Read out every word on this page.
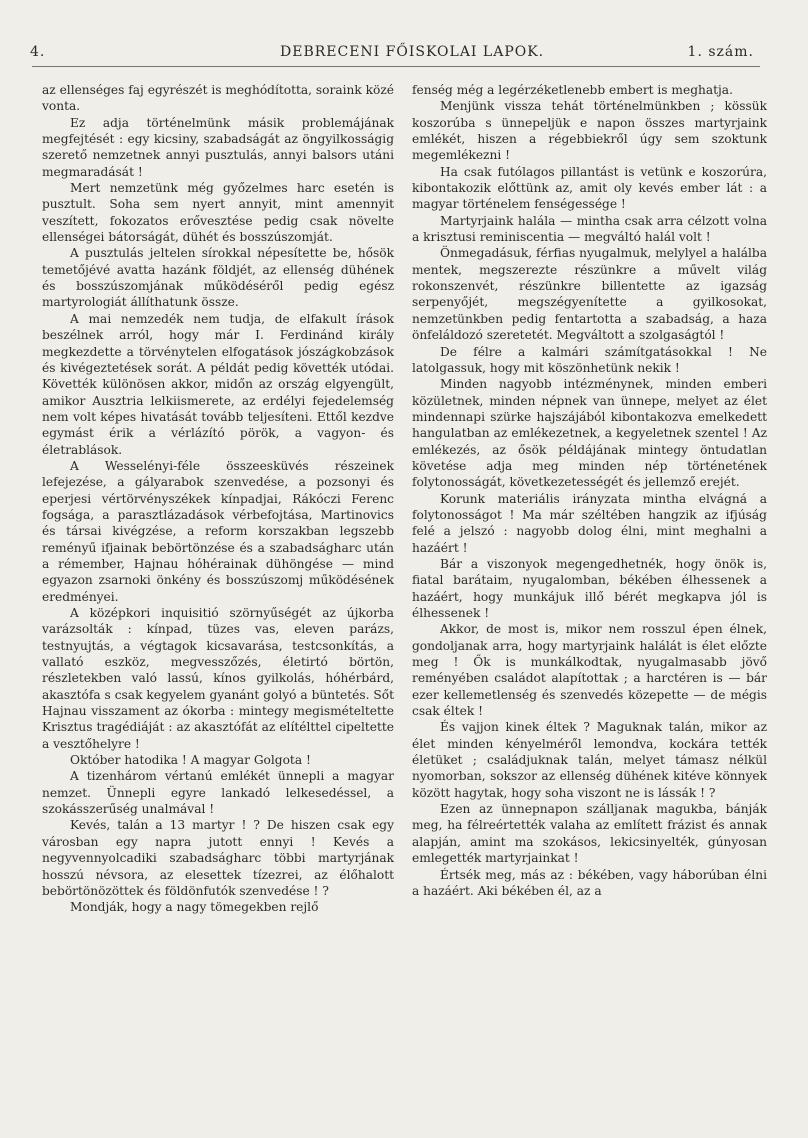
4.	DEBRECENI FŐISKOLAI LAPOK.	1. szám.

az ellenséges faj egyrészét is meghódította, soraink közé vonta.

Ez adja történelmünk másik problemájának megfejtését : egy kicsiny, szabadságát az öngyilkosságig szerető nemzetnek annyi pusztulás, annyi balsors utáni megmaradását !

Mert nemzetünk még győzelmes harc esetén is pusztult. Soha sem nyert annyit, mint amennyit veszített, fokozatos erővesztése pedig csak növelte ellenségei bátorságát, dühét és bosszúszomját.

A pusztulás jeltelen sírokkal népesítette be, hősök temetőjévé avatta hazánk földjét, az ellenség dühének és bosszúszomjának működéséről pedig egész martyrologiát állíthatunk össze.

A mai nemzedék nem tudja, de elfakult írások beszélnek arról, hogy már I. Ferdinánd király megkezdette a törvénytelen elfogatások jószágkobzások és kivégeztetések sorát. A példát pedig követték utódai. Követték különösen akkor, midőn az ország elgyengült, amikor Ausztria lelkiismerete, az erdélyi fejedelemség nem volt képes hivatását tovább teljesíteni. Ettől kezdve egymást érik a vérlázító pörök, a vagyon- és életrablások.

A Wesselényi-féle összeesküvés részeinek lefejezése, a gályarabok szenvedése, a pozsonyi és eperjesi vértörvényszékek kínpadjai, Rákóczi Ferenc fogsága, a parasztlázadások vérbefojtása, Martinovics és társai kivégzése, a reform korszakban legszebb reményű ifjainak bebörtönzése és a szabadságharc után a rémember, Hajnau hóhérainak dühöngése — mind egyazon zsarnoki önkény és bosszúszomj működésének eredményei.

A középkori inquisitió szörnyűségét az újkorba varázsolták : kínpad, tüzes vas, eleven parázs, testnyujtás, a végtagok kicsavarása, testcsonkítás, a vallató eszköz, megvesszőzés, életirtó börtön, részletekben való lassú, kínos gyilkolás, hóhérbárd, akasztófa s csak kegyelem gyanánt golyó a büntetés. Sőt Hajnau visszament az ókorba : mintegy megismételtette Krisztus tragédiáját : az akasztófát az elítélttel cipeltette a vesztőhelyre !

Október hatodika ! A magyar Golgota !

A tizenhárom vértanú emlékét ünnepli a magyar nemzet. Ünnepli egyre lankadó lelkesedéssel, a szokásszerűség unalmával !

Kevés, talán a 13 martyr ! ? De hiszen csak egy városban egy napra jutott ennyi ! Kevés a negyvennyolcadiki szabadságharc többi martyrjának hosszú névsora, az elesettek tízezrei, az élőhalott bebörtönözöttek és földönfutók szenvedése ! ?

Mondják, hogy a nagy tömegekben rejlő

fenség még a legérzéketlenebb embert is meghatja.

Menjünk vissza tehát történelmünkben ; kössük koszorúba s ünnepeljük e napon összes martyrjaink emlékét, hiszen a régebbiekről úgy sem szoktunk megemlékezni !

Ha csak futólagos pillantást is vetünk e koszorúra, kibontakozik előttünk az, amit oly kevés ember lát : a magyar történelem fenségessége !

Martyrjaink halála — mintha csak arra célzott volna a krisztusi reminiscentia — megváltó halál volt !

Önmegadásuk, férfias nyugalmuk, melylyel a halálba mentek, megszerezte részünkre a művelt világ rokonszenvét, részünkre billentette az igazság serpenyőjét, megszégyenítette a gyilkosokat, nemzetünkben pedig fentartotta a szabadság, a haza önfeláldozó szeretetét. Megváltott a szolgaságtól !

De félre a kalmári számítgatásokkal ! Ne latolgassuk, hogy mit köszönhetünk nekik !

Minden nagyobb intézménynek, minden emberi közületnek, minden népnek van ünnepe, melyet az élet mindennapi szürke hajszájából kibontakozva emelkedett hangulatban az emlékezetnek, a kegyeletnek szentel ! Az emlékezés, az ősök példájának mintegy öntudatlan követése adja meg minden nép történetének folytonosságát, következetességét és jellemző erejét.

Korunk materiális irányzata mintha elvágná a folytonosságot ! Ma már széltében hangzik az ifjúság felé a jelszó : nagyobb dolog élni, mint meghalni a hazáért !

Bár a viszonyok megengedhetnék, hogy önök is, fiatal barátaim, nyugalomban, békében élhessenek a hazáért, hogy munkájuk illő bérét megkapva jól is élhessenek !

Akkor, de most is, mikor nem rosszul épen élnek, gondoljanak arra, hogy martyrjaink halálát is élet előzte meg ! Ők is munkálkodtak, nyugalmasabb jövő reményében családot alapítottak ; a harctéren is — bár ezer kellemetlenség és szenvedés közepette — de mégis csak éltek !

És vajjon kinek éltek ? Maguknak talán, mikor az élet minden kényelméről lemondva, kockára tették életüket ; családjuknak talán, melyet támasz nélkül nyomorban, sokszor az ellenség dühének kitéve könnyek között hagytak, hogy soha viszont ne is lássák ! ?

Ezen az ünnepnapon szálljanak magukba, bánják meg, ha félreértették valaha az említett frázist és annak alapján, amint ma szokásos, lekicsinyelték, gúnyosan emlegették martyrjainkat !

Értsék meg, más az : békében, vagy háborúban élni a hazáért. Aki békében él, az a
